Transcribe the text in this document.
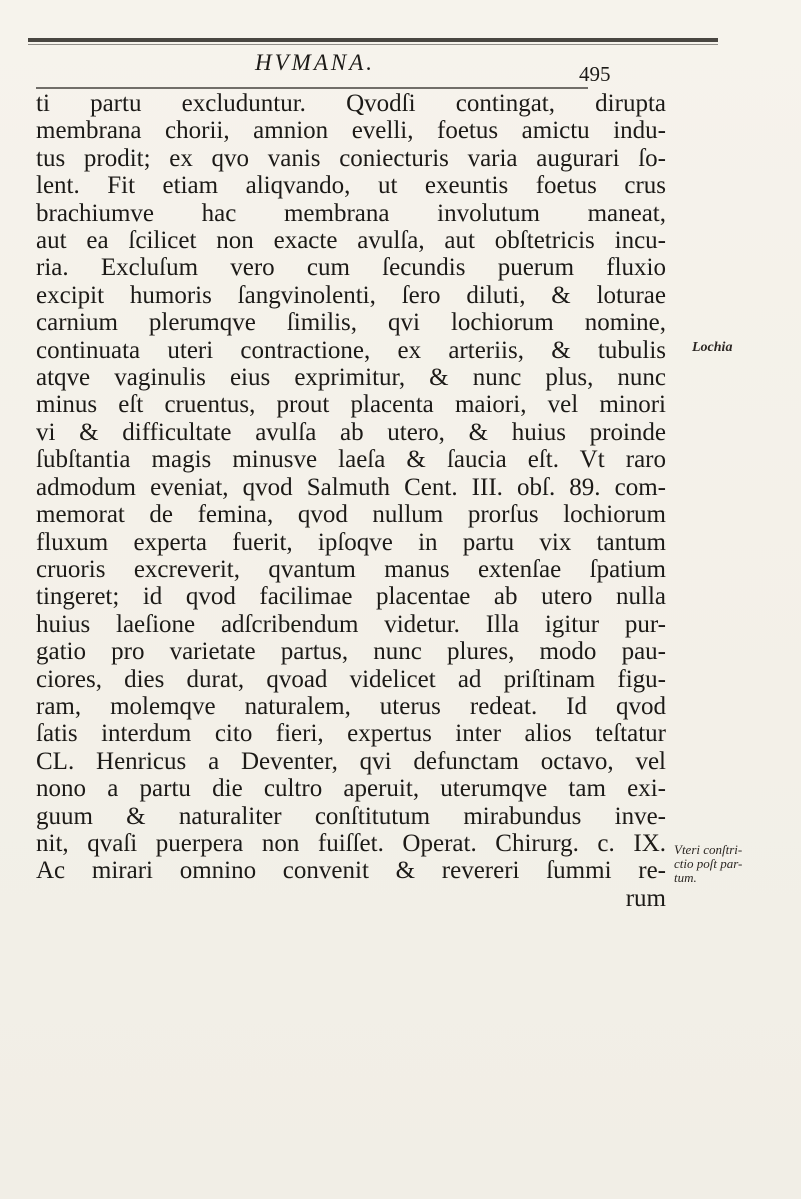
HVMANA.	495
ti partu excluduntur. Qvodſi contingat, dirupta
membrana chorii, amnion evelli, foetus amictu indu-
tus prodit; ex qvo vanis coniecturis varia augurari ſo-
lent. Fit etiam aliqvando, ut exeuntis foetus crus
brachiumve hac membrana involutum maneat,
aut ea ſcilicet non exacte avulſa, aut obſtetricis incu-
ria. Excluſum vero cum ſecundis puerum fluxio
excipit humoris ſangvinolenti, ſero diluti, & loturae
carnium plerumqve ſimilis, qvi lochiorum nomine,
continuata uteri contractione, ex arteriis, & tubulis
atqve vaginulis eius exprimitur, & nunc plus, nunc
minus eſt cruentus, prout placenta maiori, vel minori
vi & difficultate avulſa ab utero, & huius proinde
ſubſtantia magis minusve laeſa & ſaucia eſt. Vt raro
admodum eveniat, qvod Salmuth Cent. III. obſ. 89. com-
memorat de femina, qvod nullum prorſus lochiorum
fluxum experta fuerit, ipſoqve in partu vix tantum
cruoris excreverit, qvantum manus extenſae ſpatium
tingeret; id qvod facilimae placentae ab utero nulla
huius laeſione adſcribendum videtur. Illa igitur pur-
gatio pro varietate partus, nunc plures, modo pau-
ciores, dies durat, qvoad videlicet ad priſtinam figu-
ram, molemqve naturalem, uterus redeat. Id qvod
ſatis interdum cito fieri, expertus inter alios teſtatur
CL. Henricus a Deventer, qvi defunctam octavo, vel
nono a partu die cultro aperuit, uterumqve tam exi-
guum & naturaliter conſtitutum mirabundus inve-
nit, qvaſi puerpera non fuiſſet. Operat. Chirurg. c. IX.
Ac mirari omnino convenit & revereri ſummi re-
rum
Lochia
Vteri conſtri-
ctio poſt par-
tum.
